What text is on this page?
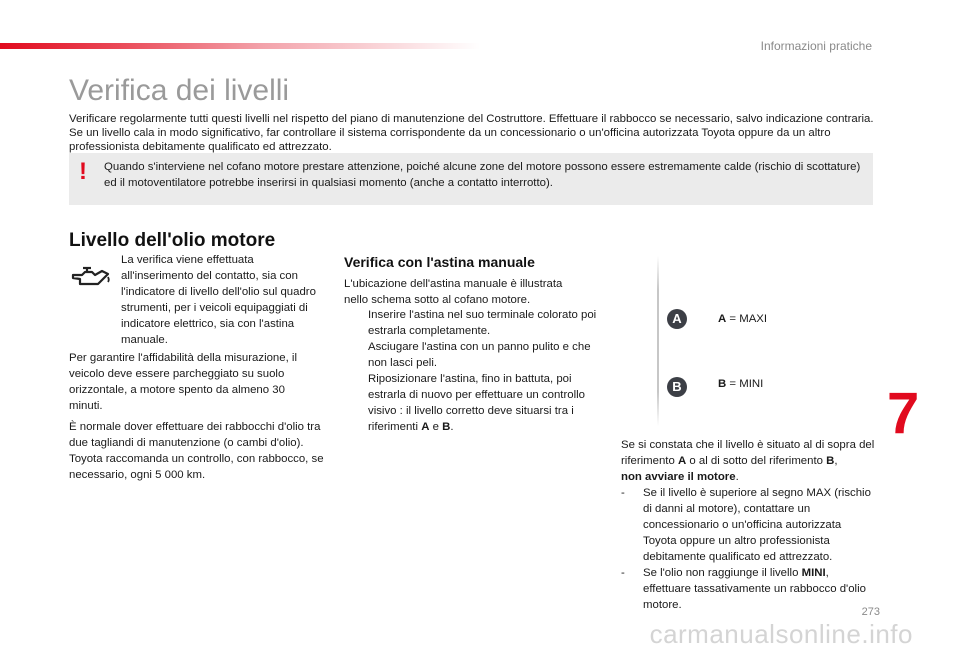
Informazioni pratiche
Verifica dei livelli
Verificare regolarmente tutti questi livelli nel rispetto del piano di manutenzione del Costruttore. Effettuare il rabbocco se necessario, salvo indicazione contraria.
Se un livello cala in modo significativo, far controllare il sistema corrispondente da un concessionario o un'officina autorizzata Toyota oppure da un altro professionista debitamente qualificato ed attrezzato.
! Quando s'interviene nel cofano motore prestare attenzione, poiché alcune zone del motore possono essere estremamente calde (rischio di scottature) ed il motoventilatore potrebbe inserirsi in qualsiasi momento (anche a contatto interrotto).
Livello dell'olio motore
La verifica viene effettuata all'inserimento del contatto, sia con l'indicatore di livello dell'olio sul quadro strumenti, per i veicoli equipaggiati di indicatore elettrico, sia con l'astina manuale.
Per garantire l'affidabilità della misurazione, il veicolo deve essere parcheggiato su suolo orizzontale, a motore spento da almeno 30 minuti.
È normale dover effettuare dei rabbocchi d'olio tra due tagliandi di manutenzione (o cambi d'olio). Toyota raccomanda un controllo, con rabbocco, se necessario, ogni 5 000 km.
Verifica con l'astina manuale
L'ubicazione dell'astina manuale è illustrata nello schema sotto al cofano motore.
Inserire l'astina nel suo terminale colorato poi estrarla completamente.
Asciugare l'astina con un panno pulito e che non lasci peli.
Riposizionare l'astina, fino in battuta, poi estrarla di nuovo per effettuare un controllo visivo : il livello corretto deve situarsi tra i riferimenti A e B.
A
B
A = MAXI
B = MINI 7
Se si constata che il livello è situato al di sopra del riferimento A o al di sotto del riferimento B,
non avviare il motore.
- Se il livello è superiore al segno MAX (rischio di danni al motore), contattare un concessionario o un'officina autorizzata Toyota oppure un altro professionista debitamente qualificato ed attrezzato.
- Se l'olio non raggiunge il livello MINI, effettuare tassativamente un rabbocco d'olio motore.
273
carmanualsonline.info
